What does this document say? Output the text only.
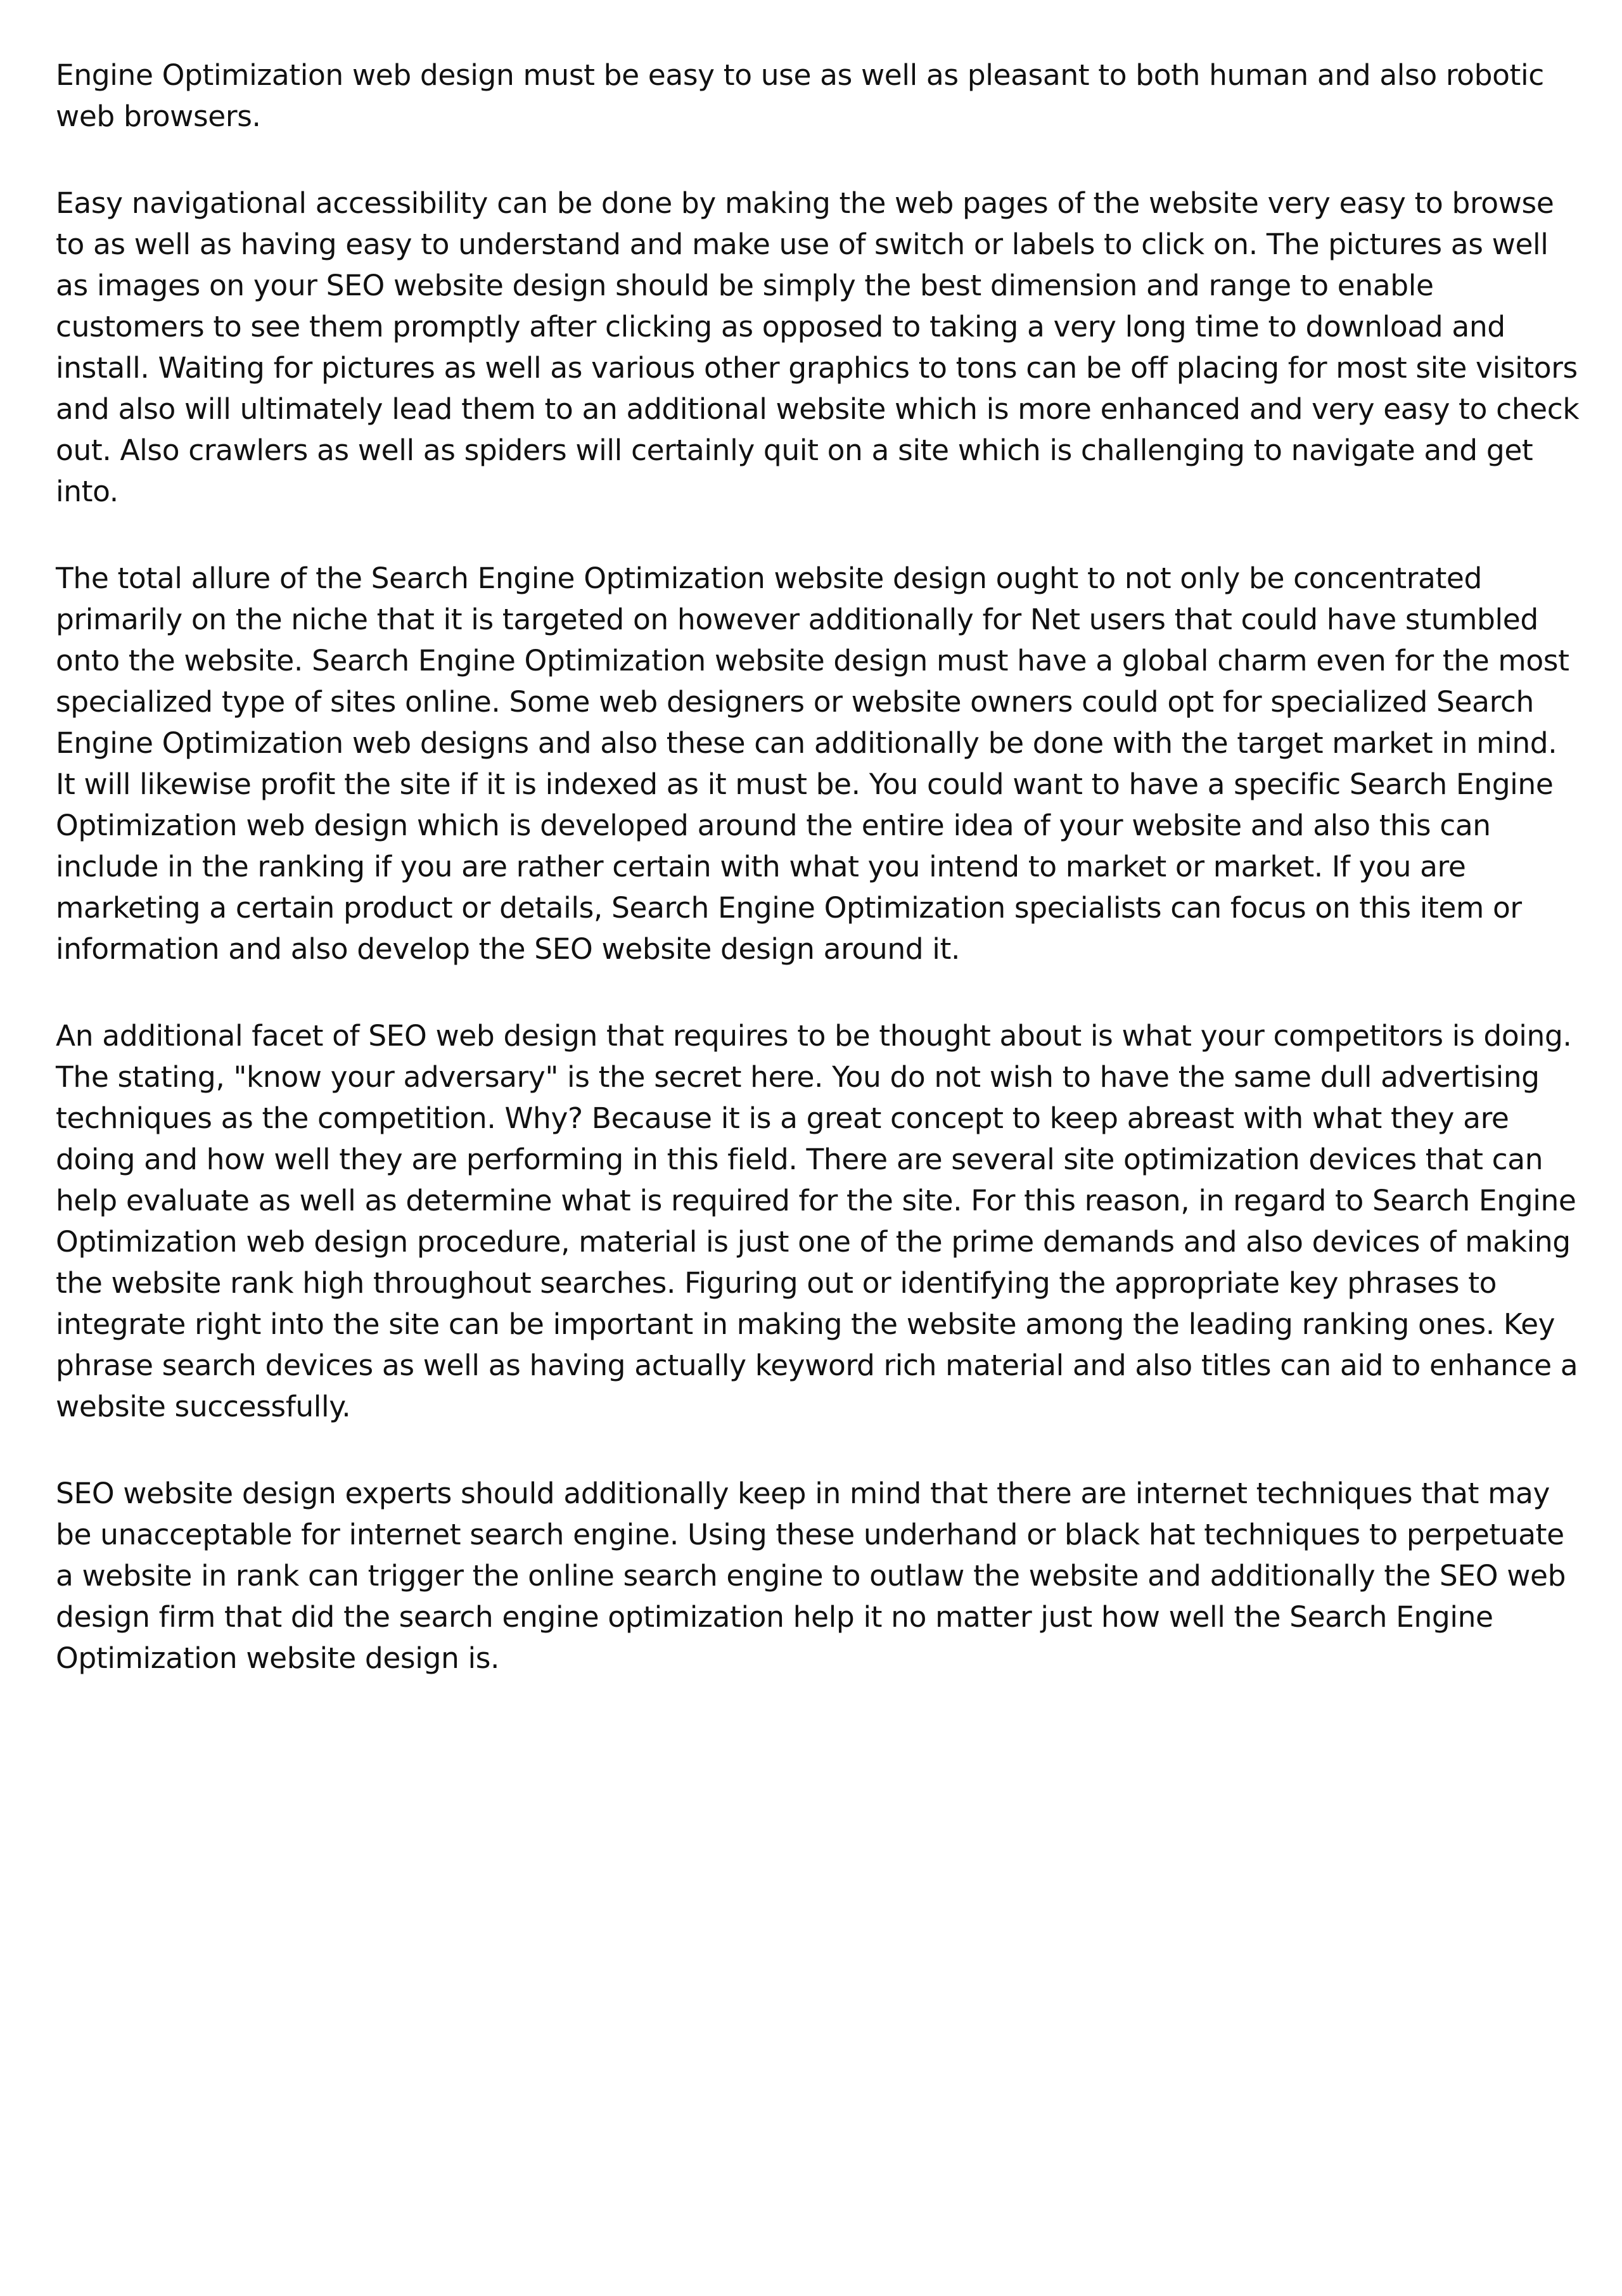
Engine Optimization web design must be easy to use as well as pleasant to both human and also robotic web browsers.

Easy navigational accessibility can be done by making the web pages of the website very easy to browse to as well as having easy to understand and make use of switch or labels to click on. The pictures as well as images on your SEO website design should be simply the best dimension and range to enable customers to see them promptly after clicking as opposed to taking a very long time to download and install. Waiting for pictures as well as various other graphics to tons can be off placing for most site visitors and also will ultimately lead them to an additional website which is more enhanced and very easy to check out. Also crawlers as well as spiders will certainly quit on a site which is challenging to navigate and get into.

The total allure of the Search Engine Optimization website design ought to not only be concentrated primarily on the niche that it is targeted on however additionally for Net users that could have stumbled onto the website. Search Engine Optimization website design must have a global charm even for the most specialized type of sites online. Some web designers or website owners could opt for specialized Search Engine Optimization web designs and also these can additionally be done with the target market in mind. It will likewise profit the site if it is indexed as it must be. You could want to have a specific Search Engine Optimization web design which is developed around the entire idea of your website and also this can include in the ranking if you are rather certain with what you intend to market or market. If you are marketing a certain product or details, Search Engine Optimization specialists can focus on this item or information and also develop the SEO website design around it.

An additional facet of SEO web design that requires to be thought about is what your competitors is doing. The stating, "know your adversary" is the secret here. You do not wish to have the same dull advertising techniques as the competition. Why? Because it is a great concept to keep abreast with what they are doing and how well they are performing in this field. There are several site optimization devices that can help evaluate as well as determine what is required for the site. For this reason, in regard to Search Engine Optimization web design procedure, material is just one of the prime demands and also devices of making the website rank high throughout searches. Figuring out or identifying the appropriate key phrases to integrate right into the site can be important in making the website among the leading ranking ones. Key phrase search devices as well as having actually keyword rich material and also titles can aid to enhance a website successfully.

SEO website design experts should additionally keep in mind that there are internet techniques that may be unacceptable for internet search engine. Using these underhand or black hat techniques to perpetuate a website in rank can trigger the online search engine to outlaw the website and additionally the SEO web design firm that did the search engine optimization help it no matter just how well the Search Engine Optimization website design is.
